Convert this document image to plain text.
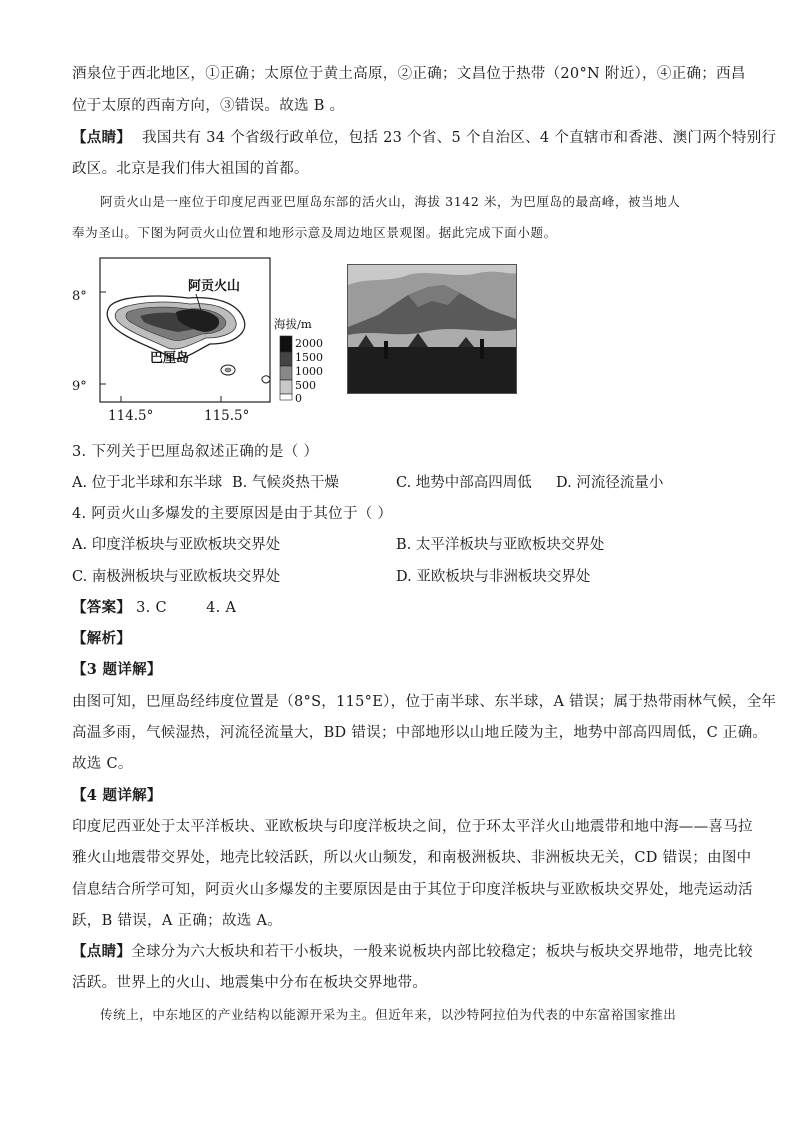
酒泉位于西北地区，①正确；太原位于黄土高原，②正确；文昌位于热带（20°N 附近），④正确；西昌
位于太原的西南方向，③错误。故选 B 。
【点睛】 我国共有 34 个省级行政单位，包括 23 个省、5 个自治区、4 个直辖市和香港、澳门两个特别行
政区。北京是我们伟大祖国的首都。
阿贡火山是一座位于印度尼西亚巴厘岛东部的活火山，海拔 3142 米，为巴厘岛的最高峰，被当地人
奉为圣山。下图为阿贡火山位置和地形示意及周边地区景观图。据此完成下面小题。
阿贡火山
巴厘岛
海拔/m
2000
1500
1000
500
0
8°
9°
114.5°	115.5°
3. 下列关于巴厘岛叙述正确的是（ ）
A. 位于北半球和东半球 B. 气候炎热干燥	C. 地势中部高四周低 D. 河流径流量小
4. 阿贡火山多爆发的主要原因是由于其位于（ ）
A. 印度洋板块与亚欧板块交界处	B. 太平洋板块与亚欧板块交界处
C. 南极洲板块与亚欧板块交界处	D. 亚欧板块与非洲板块交界处
【答案】 3. C        4. A
【解析】
【3 题详解】
由图可知，巴厘岛经纬度位置是（8°S，115°E），位于南半球、东半球，A 错误；属于热带雨林气候，全年
高温多雨，气候湿热，河流径流量大，BD 错误；中部地形以山地丘陵为主，地势中部高四周低，C 正确。
故选 C。
【4 题详解】
印度尼西亚处于太平洋板块、亚欧板块与印度洋板块之间，位于环太平洋火山地震带和地中海——喜马拉
雅火山地震带交界处，地壳比较活跃，所以火山频发，和南极洲板块、非洲板块无关，CD 错误；由图中
信息结合所学可知，阿贡火山多爆发的主要原因是由于其位于印度洋板块与亚欧板块交界处，地壳运动活
跃，B 错误，A 正确；故选 A。
【点睛】全球分为六大板块和若干小板块，一般来说板块内部比较稳定；板块与板块交界地带，地壳比较
活跃。世界上的火山、地震集中分布在板块交界地带。
传统上，中东地区的产业结构以能源开采为主。但近年来，以沙特阿拉伯为代表的中东富裕国家推出
